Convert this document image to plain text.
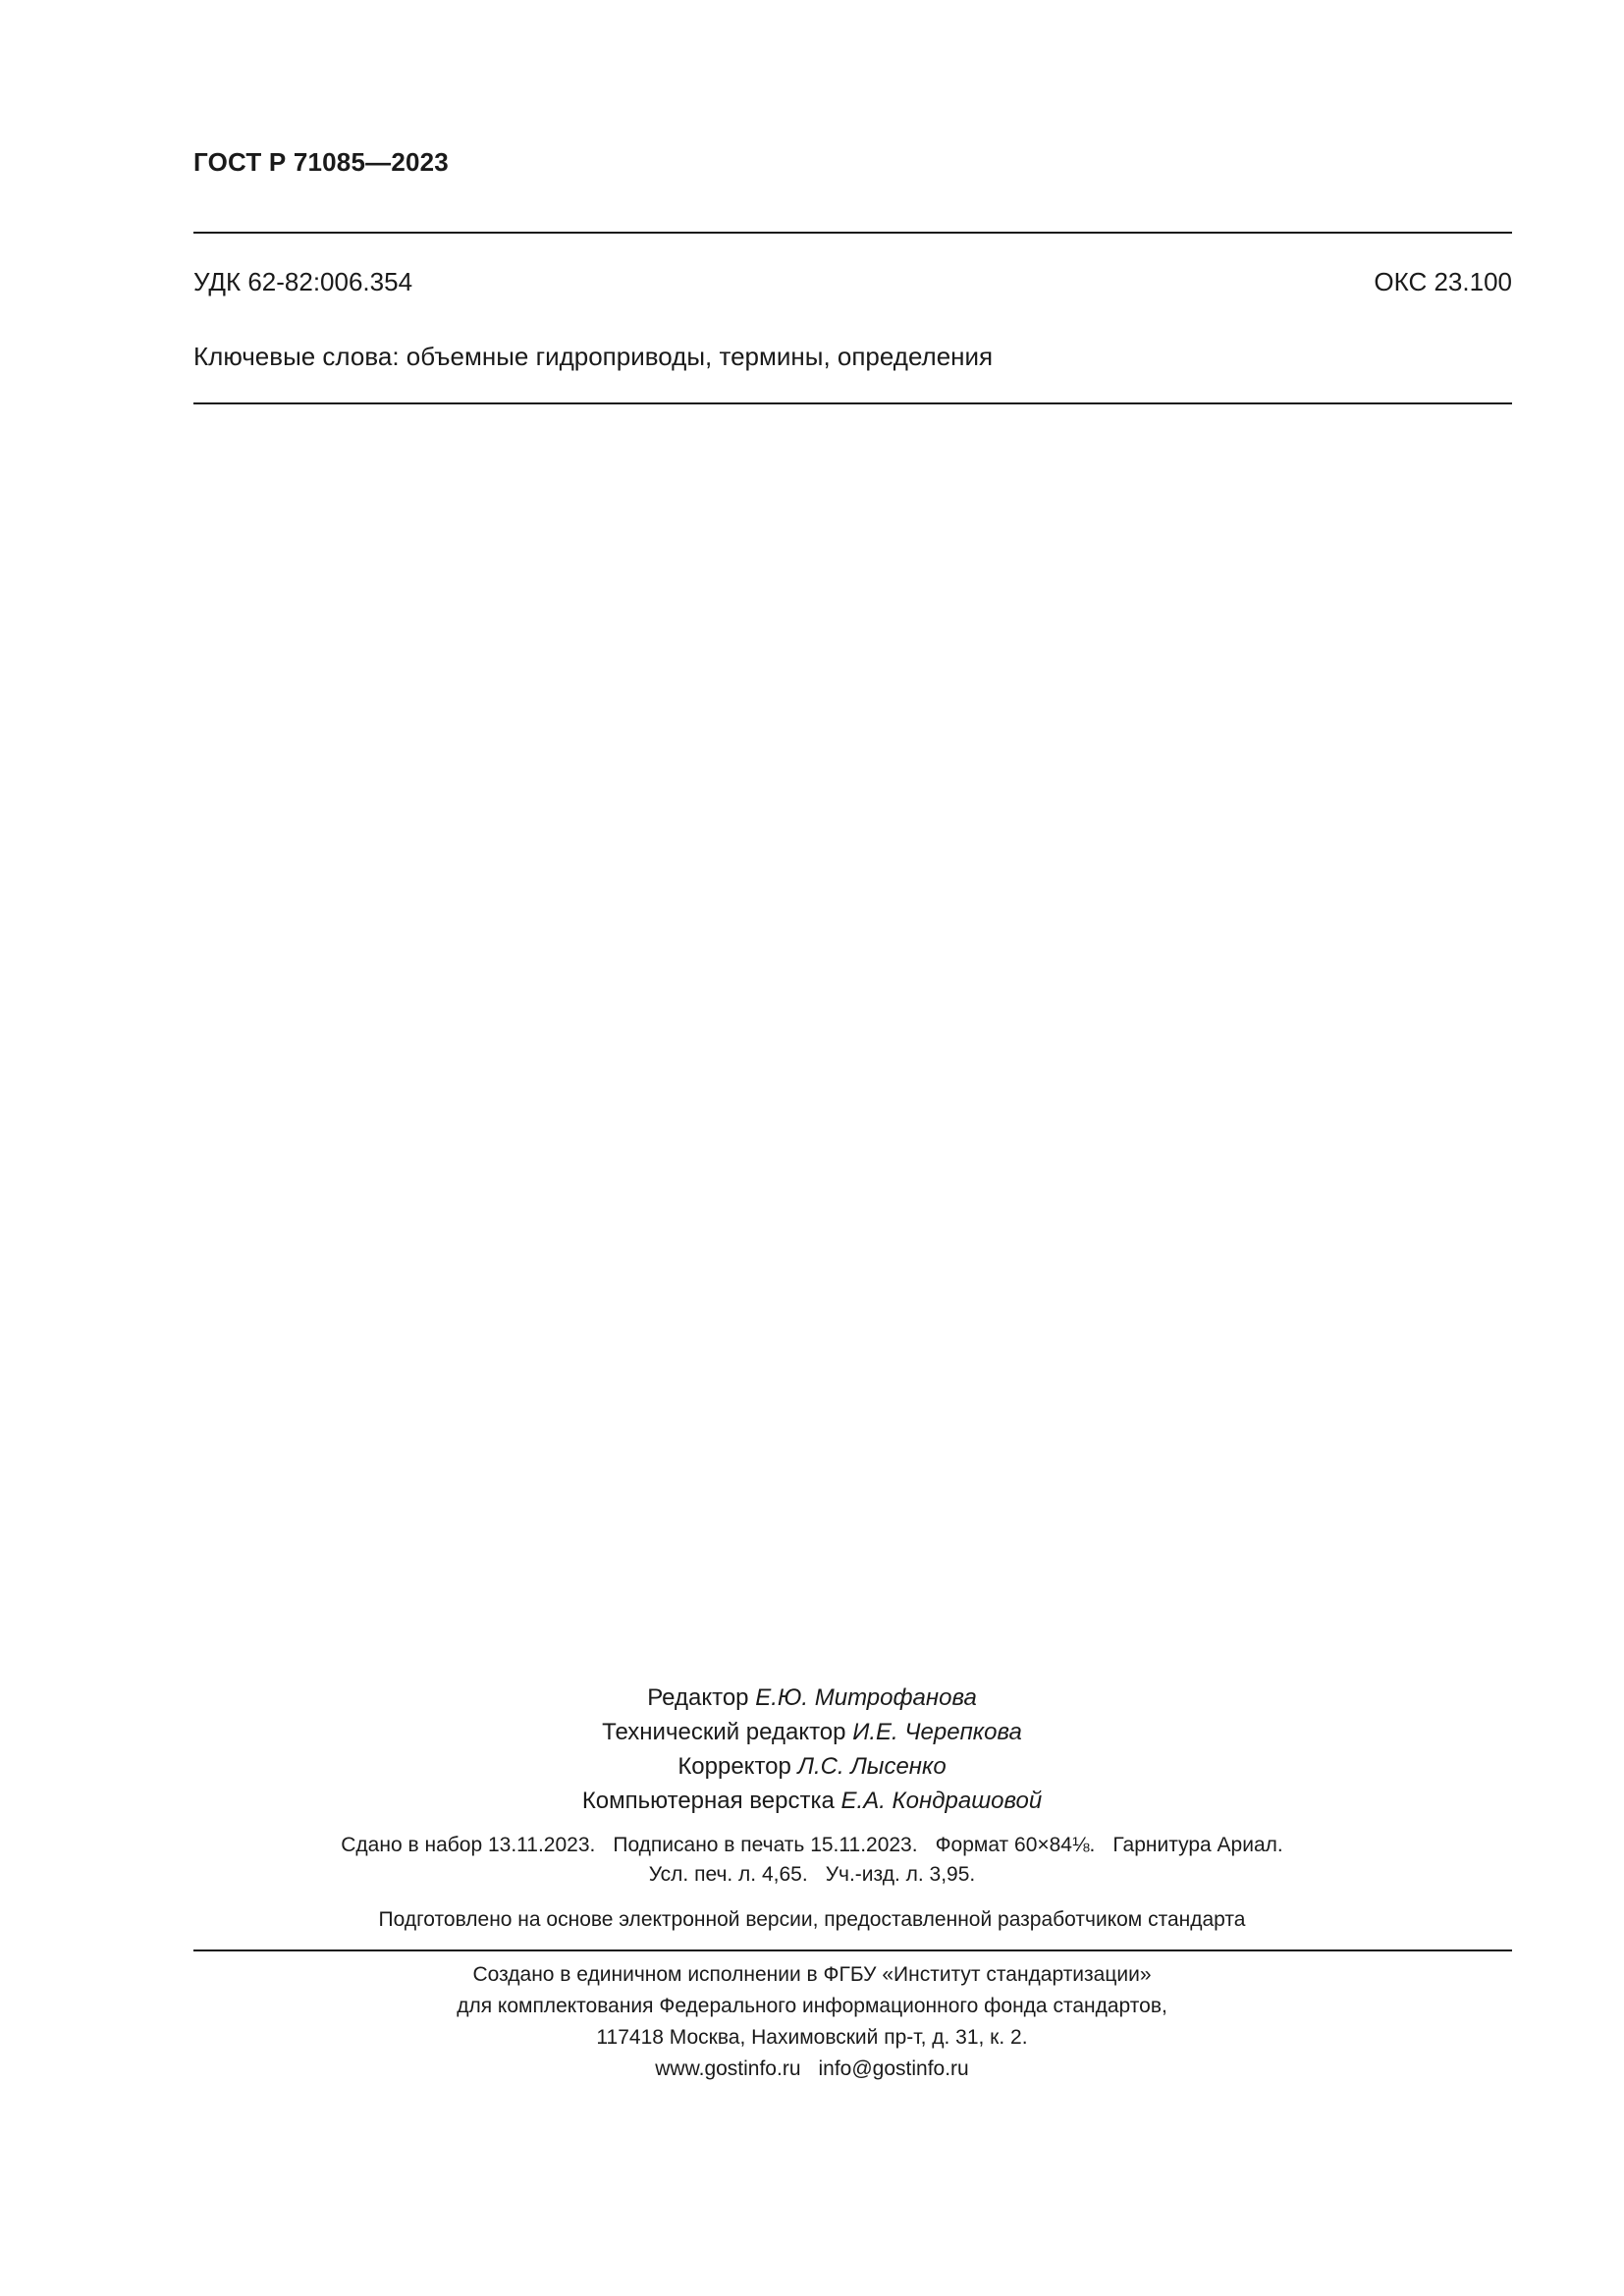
ГОСТ Р 71085—2023
УДК 62-82:006.354	ОКС 23.100
Ключевые слова: объемные гидроприводы, термины, определения
Редактор Е.Ю. Митрофанова
Технический редактор И.Е. Черепкова
Корректор Л.С. Лысенко
Компьютерная верстка Е.А. Кондрашовой
Сдано в набор 13.11.2023. Подписано в печать 15.11.2023. Формат 60×84⅛. Гарнитура Ариал.
Усл. печ. л. 4,65. Уч.-изд. л. 3,95.
Подготовлено на основе электронной версии, предоставленной разработчиком стандарта
Создано в единичном исполнении в ФГБУ «Институт стандартизации»
для комплектования Федерального информационного фонда стандартов,
117418 Москва, Нахимовский пр-т, д. 31, к. 2.
www.gostinfo.ru info@gostinfo.ru
